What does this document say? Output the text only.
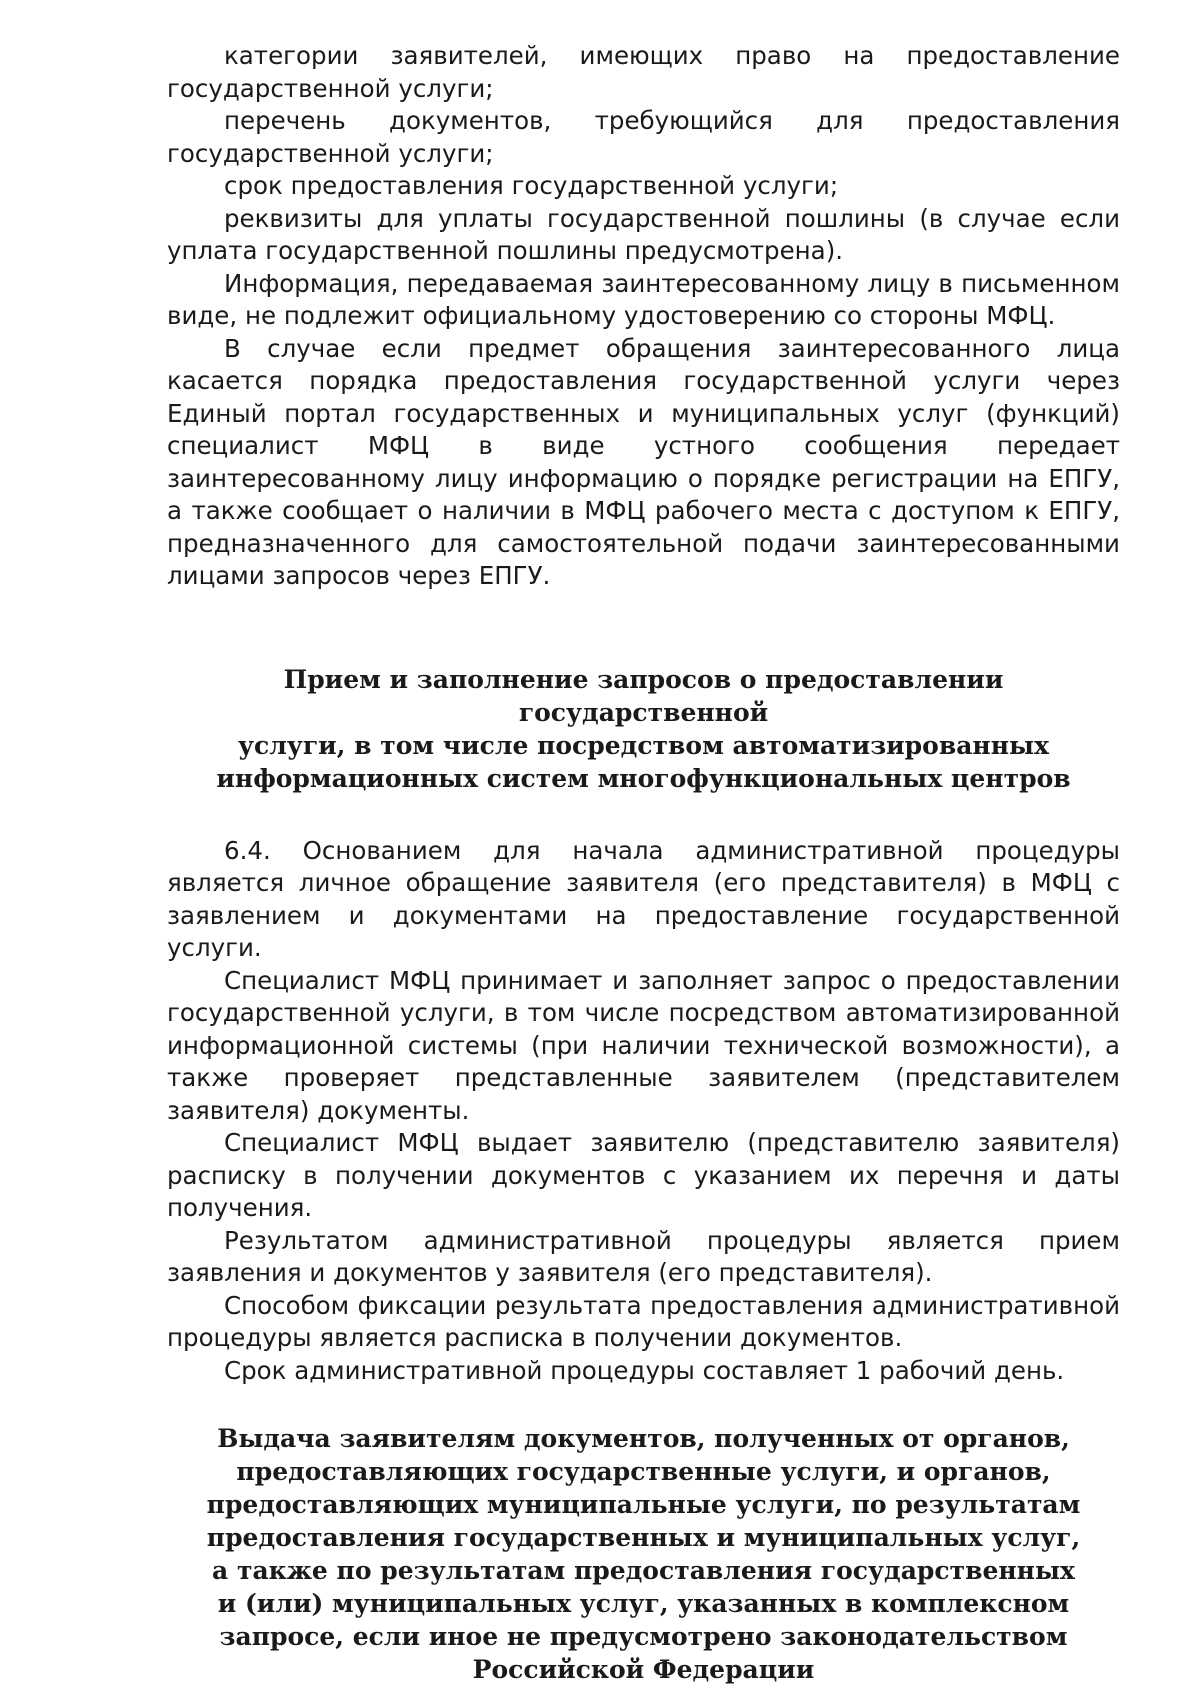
категории заявителей, имеющих право на предоставление государственной услуги;

перечень документов, требующийся для предоставления государственной услуги;

срок предоставления государственной услуги;

реквизиты для уплаты государственной пошлины (в случае если уплата государственной пошлины предусмотрена).

Информация, передаваемая заинтересованному лицу в письменном виде, не подлежит официальному удостоверению со стороны МФЦ.

В случае если предмет обращения заинтересованного лица касается порядка предоставления государственной услуги через Единый портал государственных и муниципальных услуг (функций) специалист МФЦ в виде устного сообщения передает заинтересованному лицу информацию о порядке регистрации на ЕПГУ, а также сообщает о наличии в МФЦ рабочего места с доступом к ЕПГУ, предназначенного для самостоятельной подачи заинтересованными лицами запросов через ЕПГУ.

Прием и заполнение запросов о предоставлении государственной
услуги, в том числе посредством автоматизированных
информационных систем многофункциональных центров

6.4. Основанием для начала административной процедуры является личное обращение заявителя (его представителя) в МФЦ с заявлением и документами на предоставление государственной услуги.

Специалист МФЦ принимает и заполняет запрос о предоставлении государственной услуги, в том числе посредством автоматизированной информационной системы (при наличии технической возможности), а также проверяет представленные заявителем (представителем заявителя) документы.

Специалист МФЦ выдает заявителю (представителю заявителя) расписку в получении документов с указанием их перечня и даты получения.

Результатом административной процедуры является прием заявления и документов у заявителя (его представителя).

Способом фиксации результата предоставления административной процедуры является расписка в получении документов.

Срок административной процедуры составляет 1 рабочий день.

Выдача заявителям документов, полученных от органов,
предоставляющих государственные услуги, и органов,
предоставляющих муниципальные услуги, по результатам
предоставления государственных и муниципальных услуг,
а также по результатам предоставления государственных
и (или) муниципальных услуг, указанных в комплексном
запросе, если иное не предусмотрено законодательством
Российской Федерации
